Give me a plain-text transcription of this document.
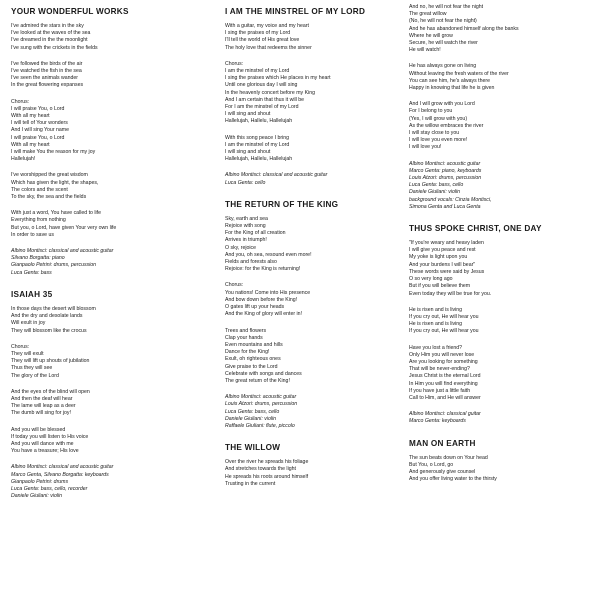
YOUR WONDERFUL WORKS
I've admired the stars in the sky
I've looked at the waves of the sea
I've dreamed in the the moonlight
I've sung with the crickets in the fields
I've followed the birds of the air
I've watched the fish in the sea
I've seen the animals wander
In the great flowering expanses
Chorus:
I will praise You, o Lord
With all my heart
I will tell of Your wonders
And I will sing Your name
I will praise You, o Lord
With all my heart
I will make You the reason for my joy
Hallelujah!
I've worshipped the great wisdom
Which has given the light, the shapes,
The colors and the scent
To the sky, the sea and the fields
With just a word, You have called to life
Everything from nothing
But you, o Lord, have given Your very own life
In order to save us
Albino Montisci: classical and acoustic guitar
Silvano Borgatta: piano
Gianpaolo Petrini: drums, percussion
Luca Genta: bass
ISAIAH 35
In those days the desert will blossom
And the dry and desolate lands
Will exult in joy
They will blossom like the crocus
Chorus:
They will exult
They will lift up shouts of jubilation
Thus they will see
The glory of the Lord
And the eyes of the blind will open
And then the deaf will hear
The lame will leap as a deer
The dumb will sing for joy!
And you will be blessed
If today you will listen to His voice
And you will dance with me
You have a treasure; His love
Albino Montisci: classical and acoustic guitar
Marco Genta, Silvano Borgatta: keyboards
Gianpaolo Petrini: drums
Luca Genta: bass, cello, recorder
Daniele Giuliani: violin
I AM THE MINSTREL OF MY LORD
With a guitar, my voice and my heart
I sing the praises of my Lord
I'll tell the world of His great love
The holy love that redeems the sinner
Chorus:
I am the minstrel of my Lord
I sing the praises which He places in my heart
Until one glorious day I will sing
In the heavenly concert before my King
And I am certain that thus it will be
For I am the minstrel of my Lord
I will sing and shout
Hallelujah, Hallelu, Hallelujah
With this song peace I bring
I am the minstrel of my Lord
I will sing and shout
Hallelujah, Hallelu, Hallelujah
Albino Montisci: classical and acoustic guitar
Luca Genta: cello
THE RETURN OF THE KING
Sky, earth and sea
Rejoice with song
For the King of all creation
Arrives in triumph!
O sky, rejoice
And you, oh sea, resound even more!
Fields and forests also
Rejoice: for the King is returning!
Chorus:
You nations! Come into His presence
And bow down before the King!
O gates lift up your heads
And the King of glory will enter in!
Trees and flowers
Clap your hands
Even mountains and hills
Dance for the King!
Exult, oh righteous ones
Give praise to the Lord
Celebrate with songs and dances
The great return of the King!
Albino Montisci: acoustic guitar
Louis Atzori: drums, percussion
Luca Genta: bass, cello
Daniele Giuliani: violin
Raffaele Giuliani: flute, piccolo
THE WILLOW
Over the river he spreads his foliage
And stretches towards the light
He spreads his roots around himself
Trusting in the current
And no, he will not fear the night
The great willow
(No, he will not fear the night)
And he has abandoned himself along the banks
Where he will grow
Secure, he will watch the river
He will watch!
He has always gone on living
Without leaving the fresh waters of the river
You can see him, he's always there
Happy in knowing that life he is given
And I will grow with you Lord
For I belong to you
(Yes, I will grow with you)
As the willow embraces the river
I will stay close to you
I will love you even more!
I will love you!
Albino Montisci: acoustic guitar
Marco Genta: piano, keyboards
Louis Atzori: drums, percussion
Luca Genta: bass, cello
Daniele Giuliani: violin
background vocals: Cinzia Montisci,
Simona Genta and Luca Genta
THUS SPOKE CHRIST, ONE DAY
"If you're weary and heavy laden
I will give you peace and rest
My yoke is light upon you
And your burdens I will bear"
These words were said by Jesus
O so very long ago
But if you will believe them
Even today they will be true for you.
He is risen and is living
If you cry out, He will hear you
He is risen and is living
If you cry out, He will hear you
Have you lost a friend?
Only Him you will never lose
Are you looking for something
That will be never-ending?
Jesus Christ is the eternal Lord
In Him you will find everything
If you have just a little faith
Call to Him, and He will answer
Albino Montisci: classical guitar
Marco Genta: keyboards
MAN ON EARTH
The sun beats down on Your head
But You, o Lord, go
And generously give counsel
And you offer living water to the thirsty
